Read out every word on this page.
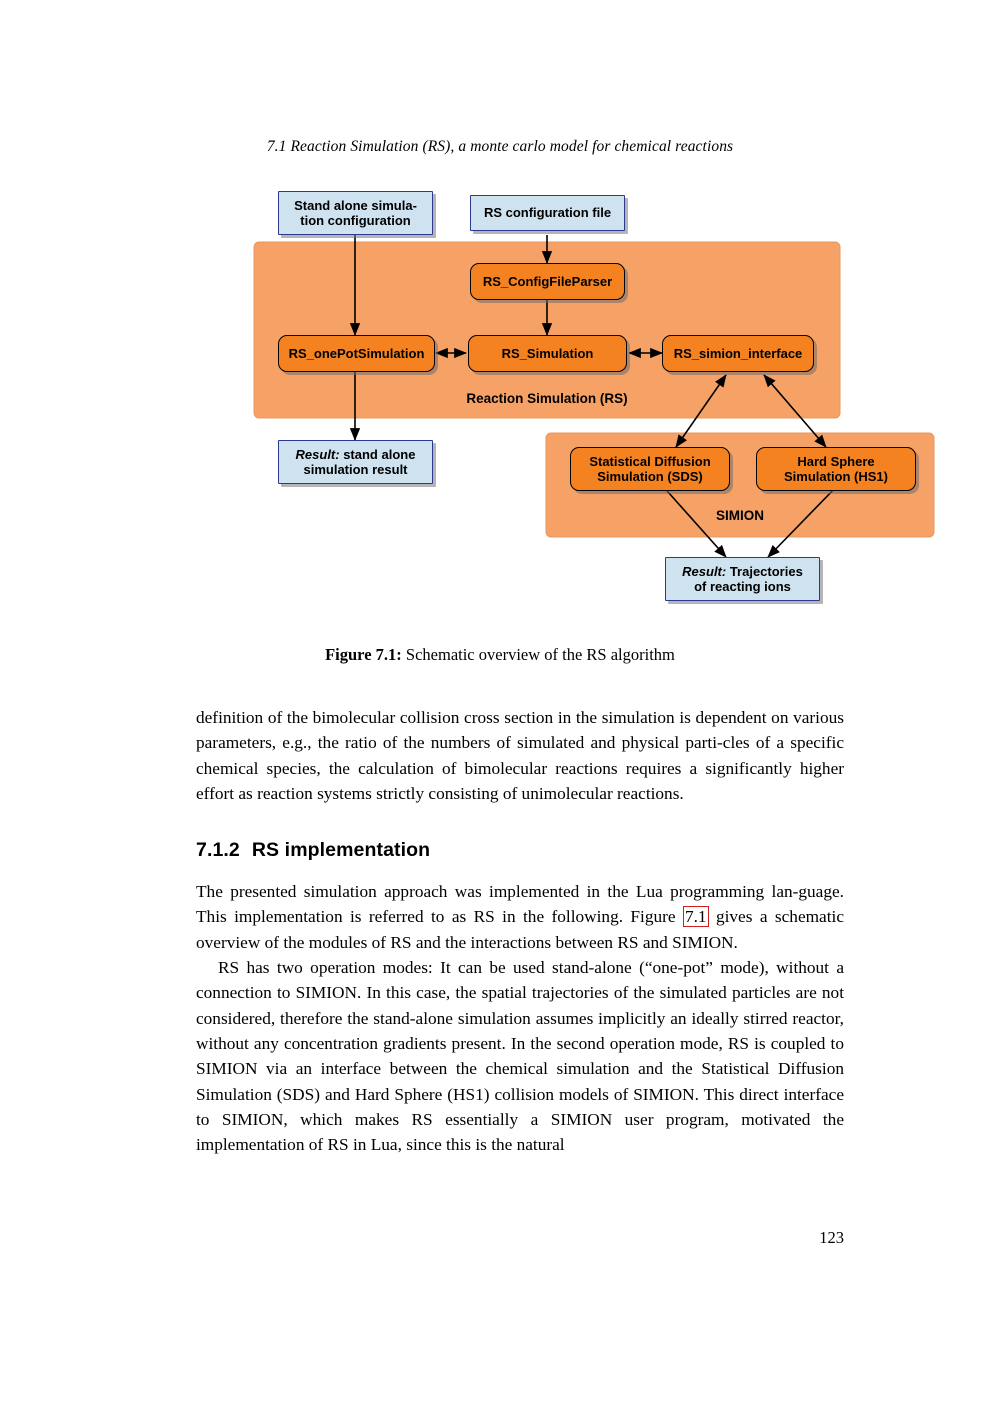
7.1 Reaction Simulation (RS), a monte carlo model for chemical reactions
Reaction Simulation (RS)
SIMION
Stand alone simula-
tion configuration
RS configuration file
RS_ConfigFileParser
RS_onePotSimulation	RS_Simulation	RS_simion_interface
Result: stand alone
simulation result
Statistical Diffusion
Simulation (SDS)
Hard Sphere
Simulation (HS1)
Result: Trajectories
of reacting ions
Figure 7.1: Schematic overview of the RS algorithm

definition of the bimolecular collision cross section in the simulation is dependent on various parameters, e.g., the ratio of the numbers of simulated and physical parti-cles of a specific chemical species, the calculation of bimolecular reactions requires a significantly higher effort as reaction systems strictly consisting of unimolecular reactions.

7.1.2 RS implementation

The presented simulation approach was implemented in the Lua programming lan-guage. This implementation is referred to as RS in the following. Figure 7.1 gives a schematic overview of the modules of RS and the interactions between RS and SIMION.

RS has two operation modes: It can be used stand-alone (“one-pot” mode), without a connection to SIMION. In this case, the spatial trajectories of the simulated particles are not considered, therefore the stand-alone simulation assumes implicitly an ideally stirred reactor, without any concentration gradients present. In the second operation mode, RS is coupled to SIMION via an interface between the chemical simulation and the Statistical Diffusion Simulation (SDS) and Hard Sphere (HS1) collision models of SIMION. This direct interface to SIMION, which makes RS essentially a SIMION user program, motivated the implementation of RS in Lua, since this is the natural

123
